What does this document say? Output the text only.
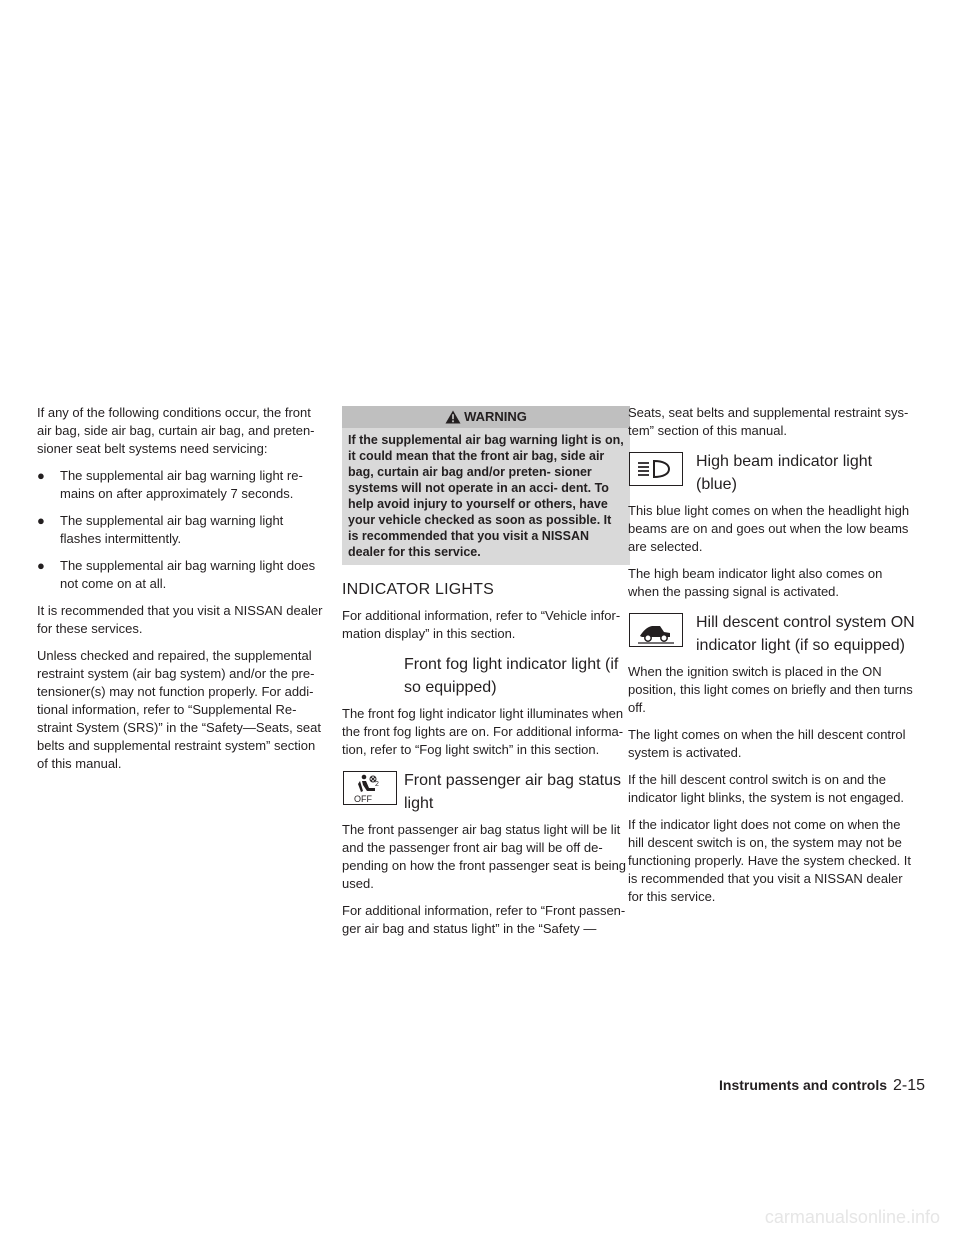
If any of the following conditions occur, the front air bag, side air bag, curtain air bag, and preten- sioner seat belt systems need servicing:

● The supplemental air bag warning light re- mains on after approximately 7 seconds.
● The supplemental air bag warning light flashes intermittently.
● The supplemental air bag warning light does not come on at all.

It is recommended that you visit a NISSAN dealer for these services.

Unless checked and repaired, the supplemental restraint system (air bag system) and/or the pre- tensioner(s) may not function properly. For addi- tional information, refer to “Supplemental Re- straint System (SRS)” in the “Safety—Seats, seat belts and supplemental restraint system” section of this manual.

WARNING
If the supplemental air bag warning light is on, it could mean that the front air bag, side air bag, curtain air bag and/or preten- sioner systems will not operate in an acci- dent. To help avoid injury to yourself or others, have your vehicle checked as soon as possible. It is recommended that you visit a NISSAN dealer for this service.
INDICATOR LIGHTS

For additional information, refer to “Vehicle infor- mation display” in this section.

Front fog light indicator light (if so equipped)

The front fog light indicator light illuminates when the front fog lights are on. For additional informa- tion, refer to “Fog light switch” in this section.

2
OFF
Front passenger air bag status light

The front passenger air bag status light will be lit and the passenger front air bag will be off de- pending on how the front passenger seat is being used.

For additional information, refer to “Front passen- ger air bag and status light” in the “Safety —

Seats, seat belts and supplemental restraint sys- tem” section of this manual.

High beam indicator light (blue)

This blue light comes on when the headlight high beams are on and goes out when the low beams are selected.

The high beam indicator light also comes on when the passing signal is activated.

Hill descent control system ON indicator light (if so equipped)

When the ignition switch is placed in the ON position, this light comes on briefly and then turns off.

The light comes on when the hill descent control system is activated.

If the hill descent control switch is on and the indicator light blinks, the system is not engaged.

If the indicator light does not come on when the hill descent switch is on, the system may not be functioning properly. Have the system checked. It is recommended that you visit a NISSAN dealer for this service.

Instruments and controls 2-15
carmanualsonline.info
